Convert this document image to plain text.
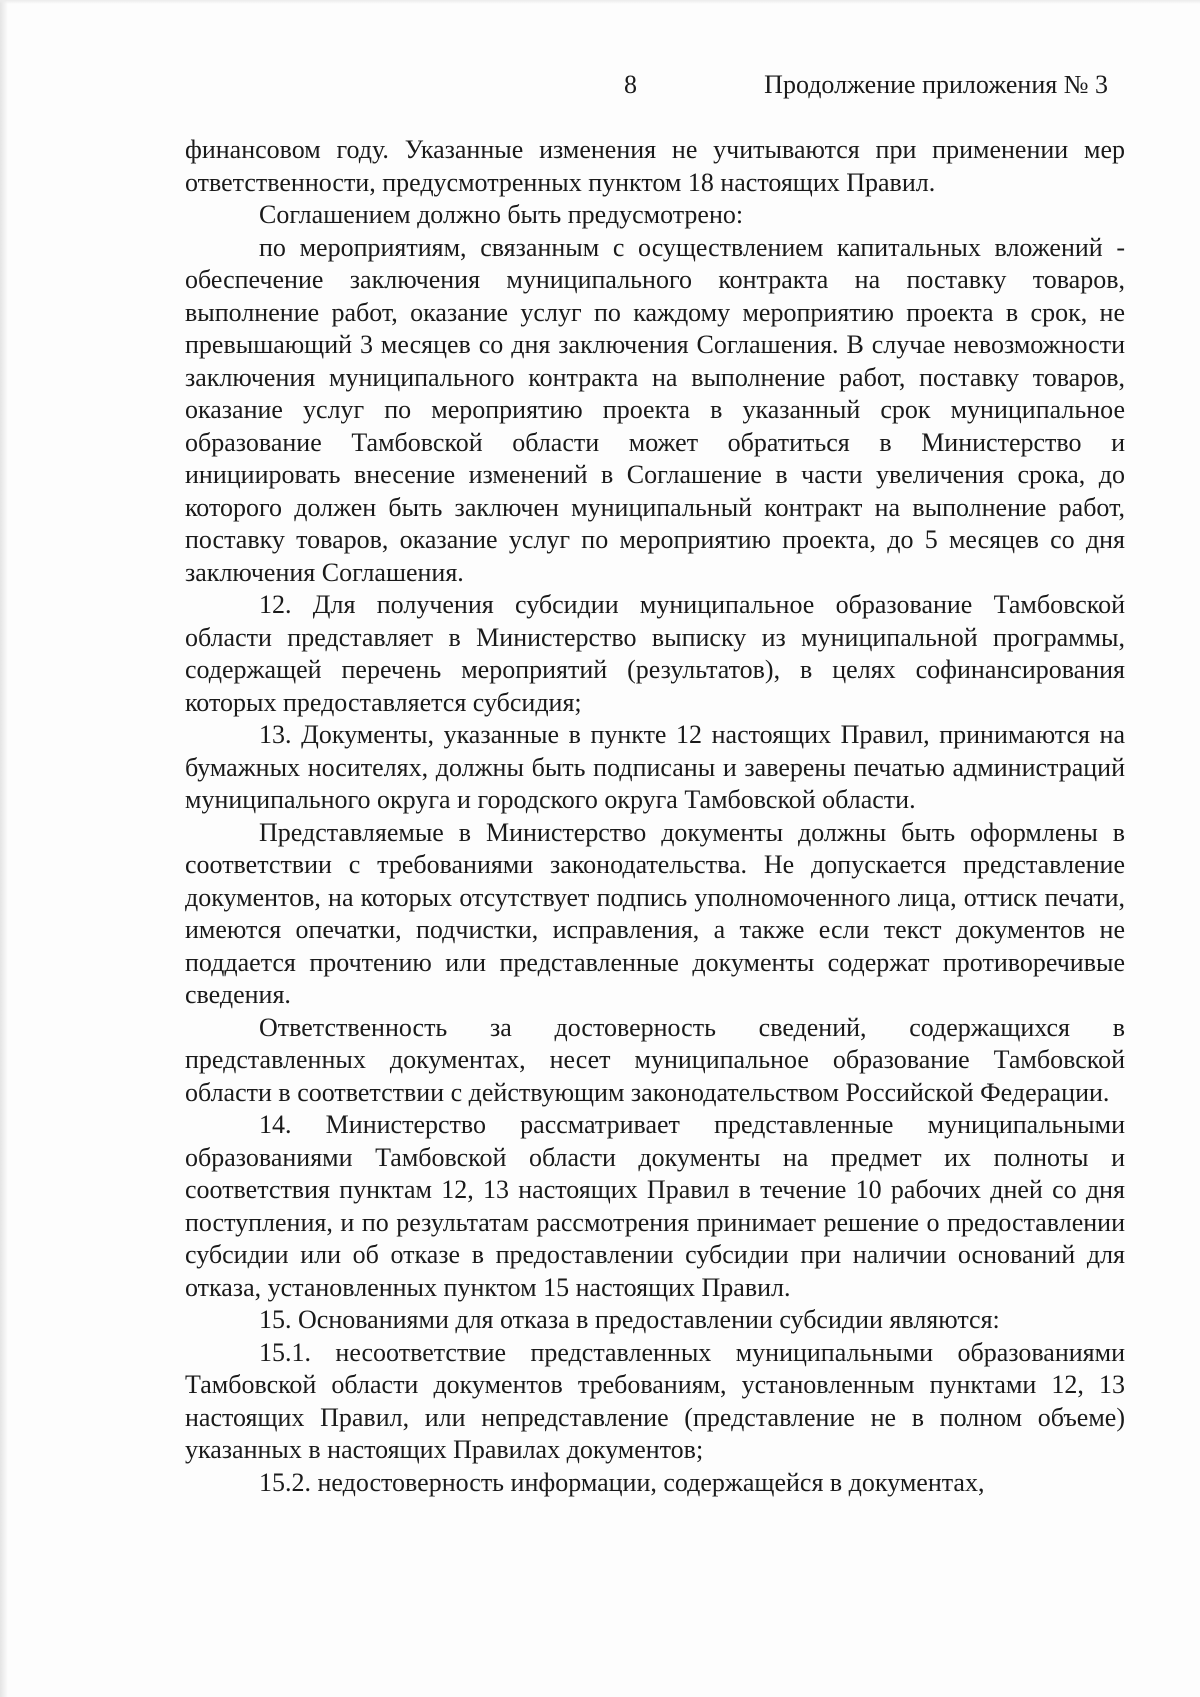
8	Продолжение приложения № 3

финансовом году. Указанные изменения не учитываются при применении мер ответственности, предусмотренных пунктом 18 настоящих Правил.

Соглашением должно быть предусмотрено:

по мероприятиям, связанным с осуществлением капитальных вложений - обеспечение заключения муниципального контракта на поставку товаров, выполнение работ, оказание услуг по каждому мероприятию проекта в срок, не превышающий 3 месяцев со дня заключения Соглашения. В случае невозможности заключения муниципального контракта на выполнение работ, поставку товаров, оказание услуг по мероприятию проекта в указанный срок муниципальное образование Тамбовской области может обратиться в Министерство и инициировать внесение изменений в Соглашение в части увеличения срока, до которого должен быть заключен муниципальный контракт на выполнение работ, поставку товаров, оказание услуг по мероприятию проекта, до 5 месяцев со дня заключения Соглашения.

12. Для получения субсидии муниципальное образование Тамбовской области представляет в Министерство выписку из муниципальной программы, содержащей перечень мероприятий (результатов), в целях софинансирования которых предоставляется субсидия;

13. Документы, указанные в пункте 12 настоящих Правил, принимаются на бумажных носителях, должны быть подписаны и заверены печатью администраций муниципального округа и городского округа Тамбовской области.

Представляемые в Министерство документы должны быть оформлены в соответствии с требованиями законодательства. Не допускается представление документов, на которых отсутствует подпись уполномоченного лица, оттиск печати, имеются опечатки, подчистки, исправления, а также если текст документов не поддается прочтению или представленные документы содержат противоречивые сведения.

Ответственность за достоверность сведений, содержащихся в представленных документах, несет муниципальное образование Тамбовской области в соответствии с действующим законодательством Российской Федерации.

14. Министерство рассматривает представленные муниципальными образованиями Тамбовской области документы на предмет их полноты и соответствия пунктам 12, 13 настоящих Правил в течение 10 рабочих дней со дня поступления, и по результатам рассмотрения принимает решение о предоставлении субсидии или об отказе в предоставлении субсидии при наличии оснований для отказа, установленных пунктом 15 настоящих Правил.

15. Основаниями для отказа в предоставлении субсидии являются:

15.1. несоответствие представленных муниципальными образованиями Тамбовской области документов требованиям, установленным пунктами 12, 13 настоящих Правил, или непредставление (представление не в полном объеме) указанных в настоящих Правилах документов;

15.2. недостоверность информации, содержащейся в документах,
